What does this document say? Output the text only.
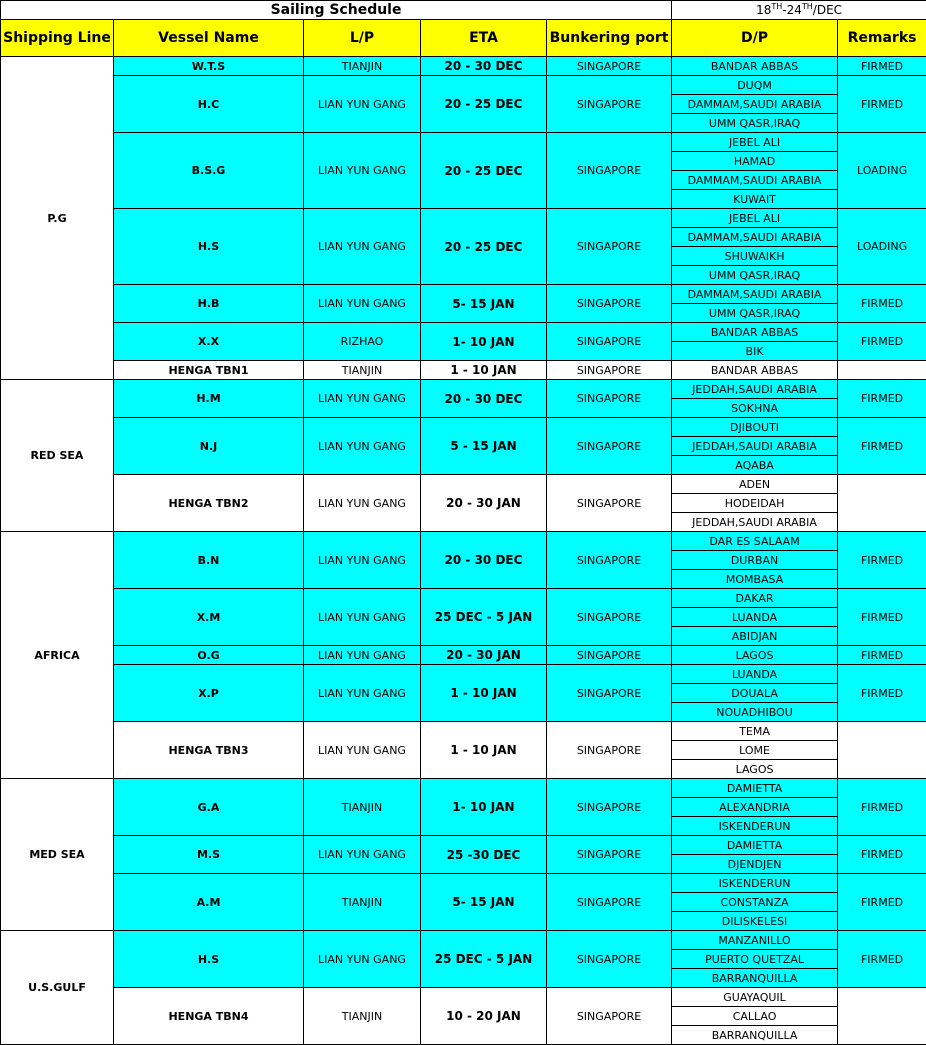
Sailing Schedule					18TH-24TH/DEC	
Shipping Line	Vessel Name	L/P	ETA	Bunkering port	D/P	Remarks
P.G	W.T.S	TIANJIN	20 - 30 DEC	SINGAPORE	BANDAR ABBAS	FIRMED
	H.C	LIAN YUN GANG	20 - 25 DEC	SINGAPORE	DUQM	FIRMED
					DAMMAM,SAUDI ARABIA	
					UMM QASR,IRAQ	
	B.S.G	LIAN YUN GANG	20 - 25 DEC	SINGAPORE	JEBEL ALI	LOADING
					HAMAD	
					DAMMAM,SAUDI ARABIA	
					KUWAIT	
	H.S	LIAN YUN GANG	20 - 25 DEC	SINGAPORE	JEBEL ALI	LOADING
					DAMMAM,SAUDI ARABIA	
					SHUWAIKH	
					UMM QASR,IRAQ	
	H.B	LIAN YUN GANG	5- 15 JAN	SINGAPORE	DAMMAM,SAUDI ARABIA	FIRMED
					UMM QASR,IRAQ	
	X.X	RIZHAO	1- 10 JAN	SINGAPORE	BANDAR ABBAS	FIRMED
					BIK	
	HENGA TBN1	TIANJIN	1 - 10 JAN	SINGAPORE	BANDAR ABBAS	
RED SEA	H.M	LIAN YUN GANG	20 - 30 DEC	SINGAPORE	JEDDAH,SAUDI ARABIA	FIRMED
					SOKHNA	
	N.J	LIAN YUN GANG	5 - 15 JAN	SINGAPORE	DJIBOUTI	FIRMED
					JEDDAH,SAUDI ARABIA	
					AQABA	
	HENGA TBN2	LIAN YUN GANG	20 - 30 JAN	SINGAPORE	ADEN	
					HODEIDAH	
					JEDDAH,SAUDI ARABIA	
AFRICA	B.N	LIAN YUN GANG	20 - 30 DEC	SINGAPORE	DAR ES SALAAM	FIRMED
					DURBAN	
					MOMBASA	
	X.M	LIAN YUN GANG	25 DEC - 5 JAN	SINGAPORE	DAKAR	FIRMED
					LUANDA	
					ABIDJAN	
	O.G	LIAN YUN GANG	20 - 30 JAN	SINGAPORE	LAGOS	FIRMED
	X.P	LIAN YUN GANG	1 - 10 JAN	SINGAPORE	LUANDA	FIRMED
					DOUALA	
					NOUADHIBOU	
	HENGA TBN3	LIAN YUN GANG	1 - 10 JAN	SINGAPORE	TEMA	
					LOME	
					LAGOS	
MED SEA	G.A	TIANJIN	1- 10 JAN	SINGAPORE	DAMIETTA	FIRMED
					ALEXANDRIA	
					ISKENDERUN	
	M.S	LIAN YUN GANG	25 -30 DEC	SINGAPORE	DAMIETTA	FIRMED
					DJENDJEN	
	A.M	TIANJIN	5- 15 JAN	SINGAPORE	ISKENDERUN	FIRMED
					CONSTANZA	
					DILISKELESI	
U.S.GULF	H.S	LIAN YUN GANG	25 DEC - 5 JAN	SINGAPORE	MANZANILLO	FIRMED
					PUERTO QUETZAL	
					BARRANQUILLA	
	HENGA TBN4	TIANJIN	10 - 20 JAN	SINGAPORE	GUAYAQUIL	
					CALLAO	
					BARRANQUILLA	
